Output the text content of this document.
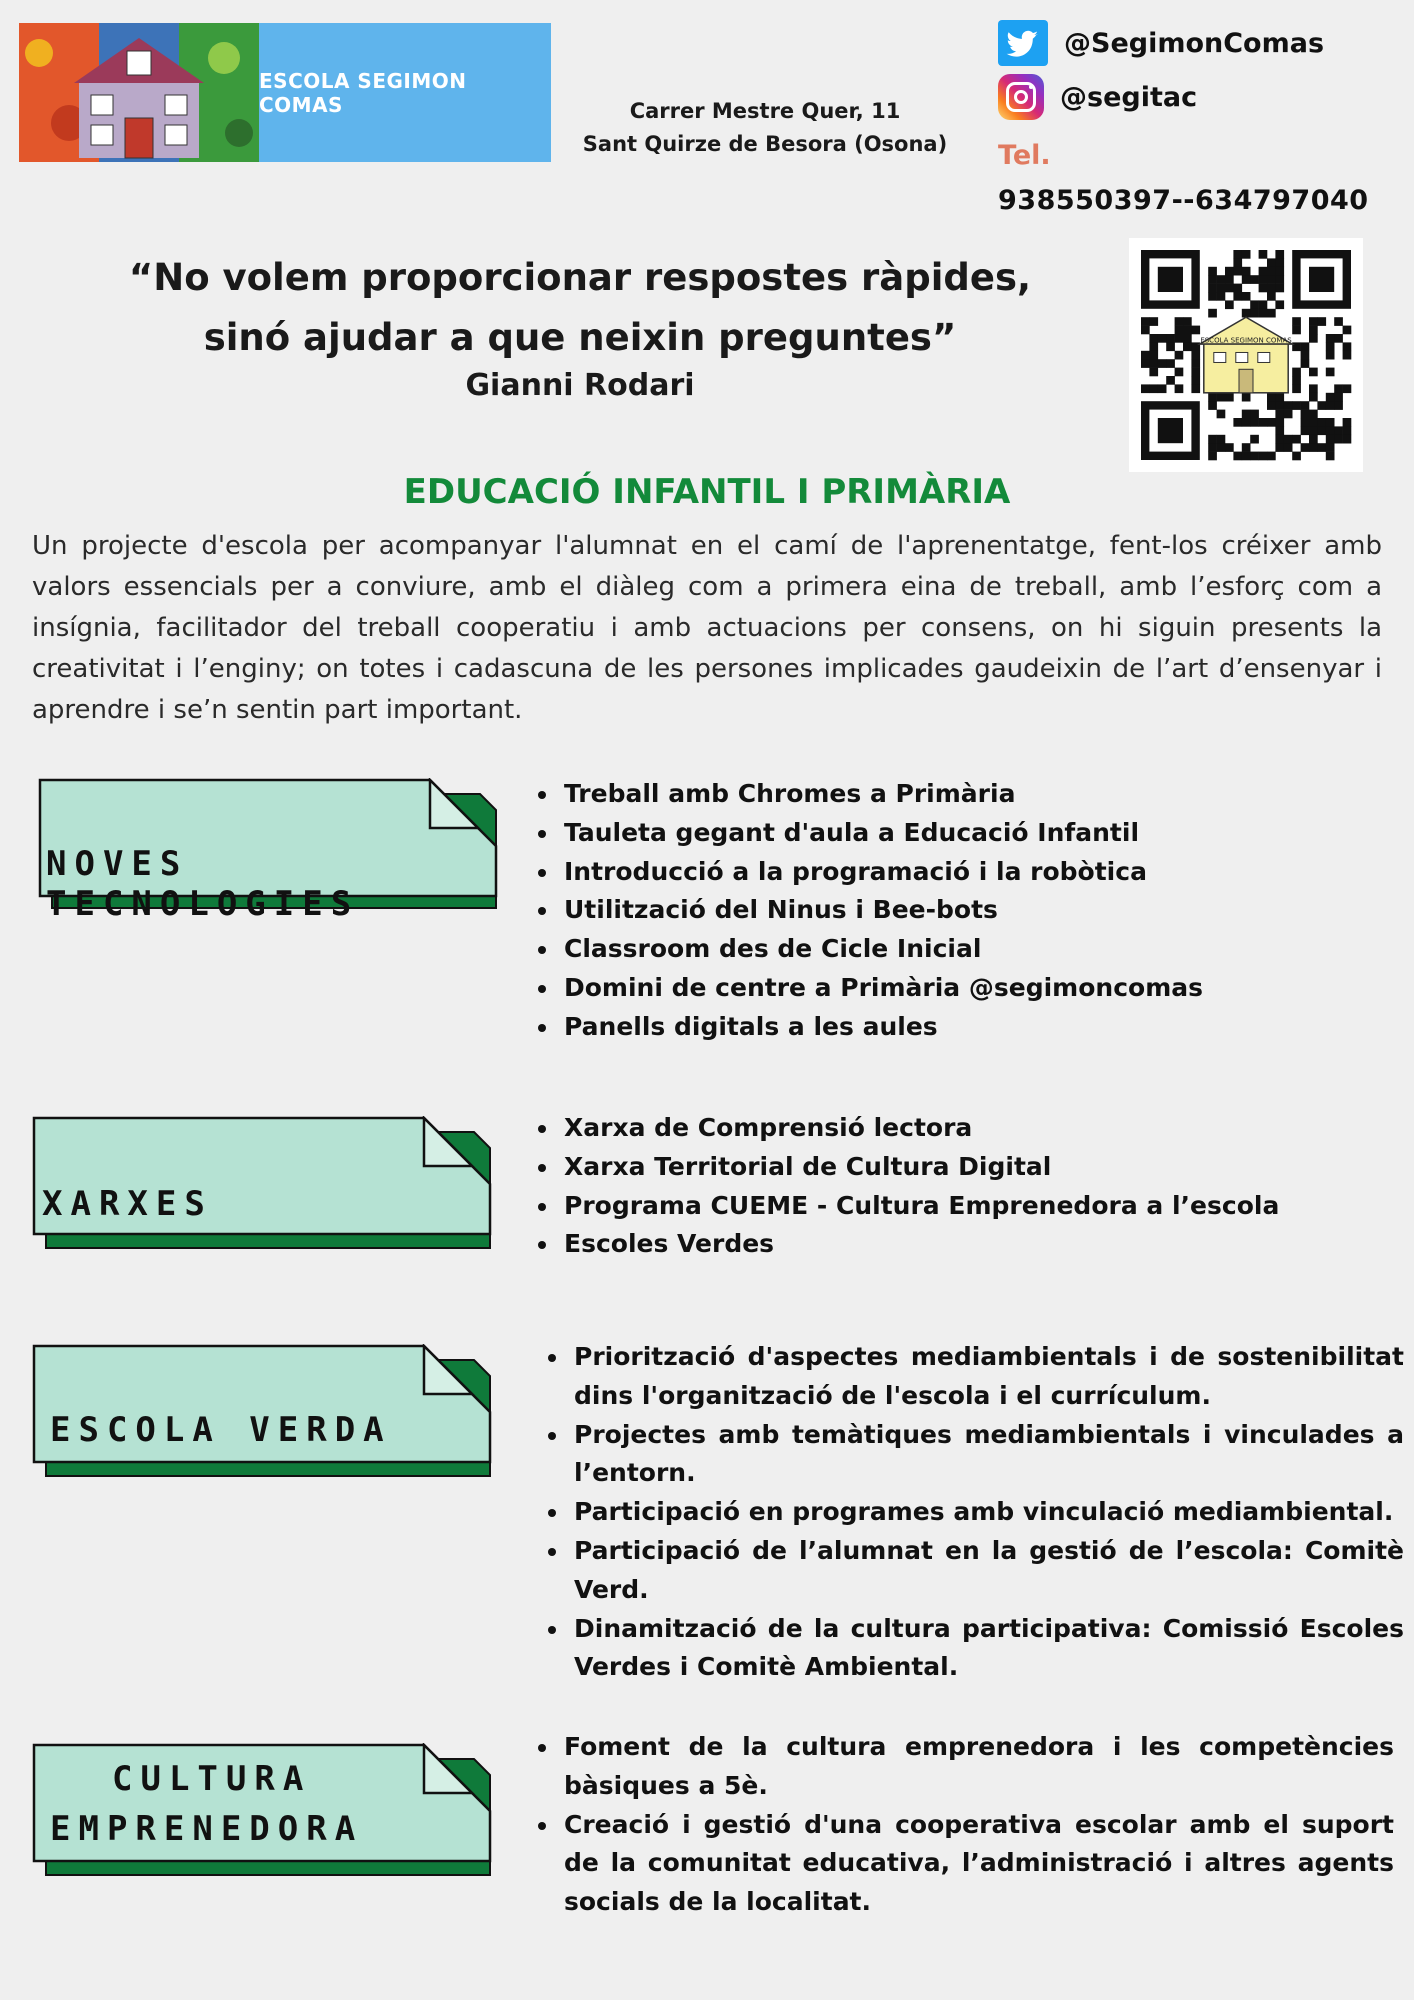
ESCOLA SEGIMON COMAS	Carrer Mestre Quer, 11
Sant Quirze de Besora (Osona)
@SegimonComas
@segitac
Tel.
938550397--634797040
“No volem proporcionar respostes ràpides,
sinó ajudar a que neixin preguntes”
Gianni Rodari
ESCOLA SEGIMON COMAS
EDUCACIÓ INFANTIL I PRIMÀRIA
Un projecte d'escola per acompanyar l'alumnat en el camí de l'aprenentatge, fent-los créixer amb valors essencials per a conviure, amb el diàleg com a primera eina de treball, amb l’esforç com a insígnia, facilitador del treball cooperatiu i amb actuacions per consens, on hi siguin presents la creativitat i l’enginy; on totes i cadascuna de les persones implicades gaudeixin de l’art d’ensenyar i aprendre i se’n sentin part important.
NOVES TECNOLOGIES
Treball amb Chromes a Primària
Tauleta gegant d'aula a Educació Infantil
Introducció a la programació i la robòtica
Utilització del Ninus i Bee-bots
Classroom des de Cicle Inicial
Domini de centre a Primària @segimoncomas
Panells digitals a les aules
XARXES
Xarxa de Comprensió lectora
Xarxa Territorial de Cultura Digital
Programa CUEME - Cultura Emprenedora a l’escola
Escoles Verdes
ESCOLA VERDA
Priorització d'aspectes mediambientals i de sostenibilitat dins l'organització de l'escola i el currículum.
Projectes amb temàtiques mediambientals i vinculades a l’entorn.
Participació en programes amb vinculació mediambiental.
Participació de l’alumnat en la gestió de l’escola: Comitè Verd.
Dinamització de la cultura participativa: Comissió Escoles Verdes i Comitè Ambiental.
CULTURA
EMPRENEDORA
Foment de la cultura emprenedora i les competències bàsiques a 5è.
Creació i gestió d'una cooperativa escolar amb el suport de la comunitat educativa, l’administració i altres agents socials de la localitat.
